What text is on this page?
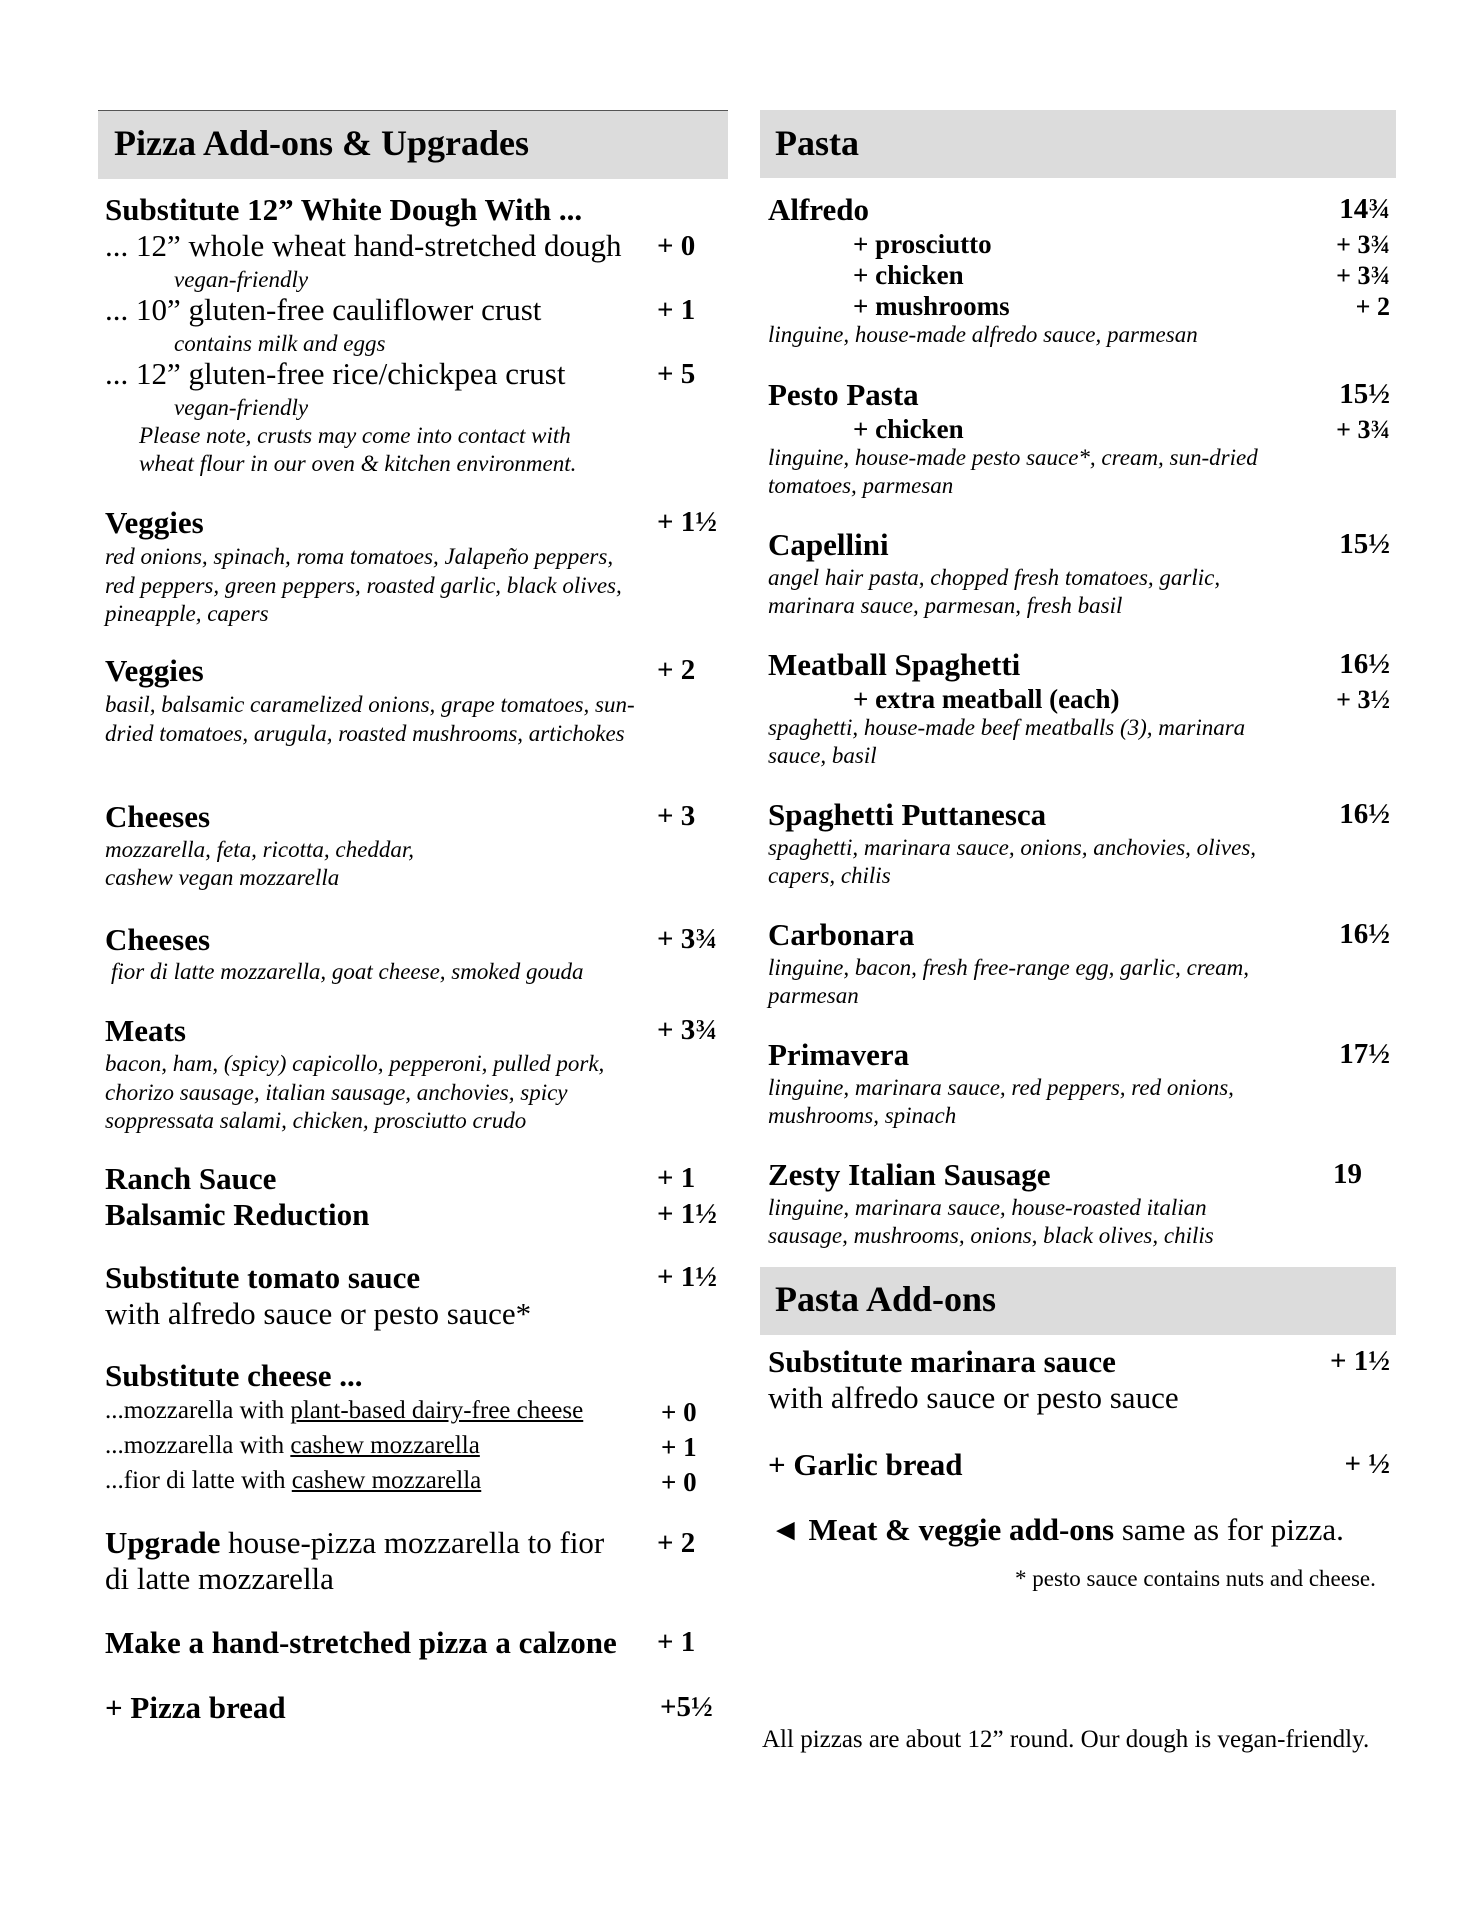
Pizza Add-ons & Upgrades
Substitute 12” White Dough With ...
... 12” whole wheat hand-stretched dough + 0
vegan-friendly
... 10” gluten-free cauliflower crust	+ 1
contains milk and eggs
... 12” gluten-free rice/chickpea crust	+ 5
vegan-friendly
Please note, crusts may come into contact with
wheat flour in our oven & kitchen environment.
Veggies	+ 1½
red onions, spinach, roma tomatoes, Jalapeño peppers, red peppers, green peppers, roasted garlic, black olives, pineapple, capers
Veggies	+ 2
basil, balsamic caramelized onions, grape tomatoes, sun-dried tomatoes, arugula, roasted mushrooms, artichokes
Cheeses	+ 3
mozzarella, feta, ricotta, cheddar,
cashew vegan mozzarella
Cheeses	+ 3¾
fior di latte mozzarella, goat cheese, smoked gouda
Meats	+ 3¾
bacon, ham, (spicy) capicollo, pepperoni, pulled pork, chorizo sausage, italian sausage, anchovies, spicy soppressata salami, chicken, prosciutto crudo
Ranch Sauce	+ 1
Balsamic Reduction	+ 1½
Substitute tomato sauce	+ 1½
with alfredo sauce or pesto sauce*
Substitute cheese ...
...mozzarella with plant-based dairy-free cheese	+ 0
...mozzarella with cashew mozzarella	+ 1
...fior di latte with cashew mozzarella	+ 0
Upgrade house-pizza mozzarella to fior + 2
di latte mozzarella
Make a hand-stretched pizza a calzone + 1
+ Pizza bread	+5½
Pasta
Alfredo	14¾
+ prosciutto	+ 3¾
+ chicken	+ 3¾
+ mushrooms	+ 2
linguine, house-made alfredo sauce, parmesan
Pesto Pasta	15½
+ chicken	+ 3¾
linguine, house-made pesto sauce*, cream, sun-dried
tomatoes, parmesan
Capellini	15½
angel hair pasta, chopped fresh tomatoes, garlic,
marinara sauce, parmesan, fresh basil
Meatball Spaghetti	16½
+ extra meatball (each)	+ 3½
spaghetti, house-made beef meatballs (3), marinara
sauce, basil
Spaghetti Puttanesca	16½
spaghetti, marinara sauce, onions, anchovies, olives,
capers, chilis
Carbonara	16½
linguine, bacon, fresh free-range egg, garlic, cream,
parmesan
Primavera	17½
linguine, marinara sauce, red peppers, red onions,
mushrooms, spinach
Zesty Italian Sausage	19
linguine, marinara sauce, house-roasted italian
sausage, mushrooms, onions, black olives, chilis
Pasta Add-ons
Substitute marinara sauce	+ 1½
with alfredo sauce or pesto sauce
+ Garlic bread	+ ½
◄ Meat & veggie add-ons same as for pizza.
* pesto sauce contains nuts and cheese.
All pizzas are about 12” round. Our dough is vegan-friendly.
